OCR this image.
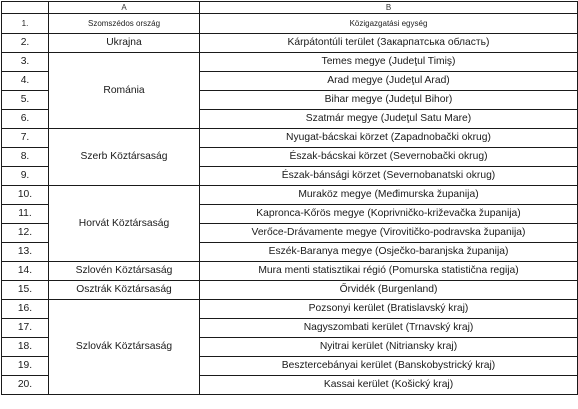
	A	B
1.	Szomszédos ország	Közigazgatási egység
2.	Ukrajna	Kárpátontúli terület (Закарпатська область)
3.	Románia	Temes megye (Judeţul Timiş)
4.		Arad megye (Judeţul Arad)
5.		Bihar megye (Judeţul Bihor)
6.		Szatmár megye (Judeţul Satu Mare)
7.	Szerb Köztársaság	Nyugat-bácskai körzet (Zapadnobački okrug)
8.		Észak-bácskai körzet (Severnobački okrug)
9.		Észak-bánsági körzet (Severnobanatski okrug)
10.	Horvát Köztársaság	Muraköz megye (Međimurska županija)
11.		Kapronca-Kőrös megye (Koprivničko-križevačka županija)
12.		Verőce-Drávamente megye (Virovitičko-podravska županija)
13.		Eszék-Baranya megye (Osječko-baranjska županija)
14.	Szlovén Köztársaság	Mura menti statisztikai régió (Pomurska statistična regija)
15.	Osztrák Köztársaság	Őrvidék (Burgenland)
16.	Szlovák Köztársaság	Pozsonyi kerület (Bratislavský kraj)
17.		Nagyszombati kerület (Trnavský kraj)
18.		Nyitrai kerület (Nitriansky kraj)
19.		Besztercebányai kerület (Banskobystrický kraj)
20.		Kassai kerület (Košický kraj)
